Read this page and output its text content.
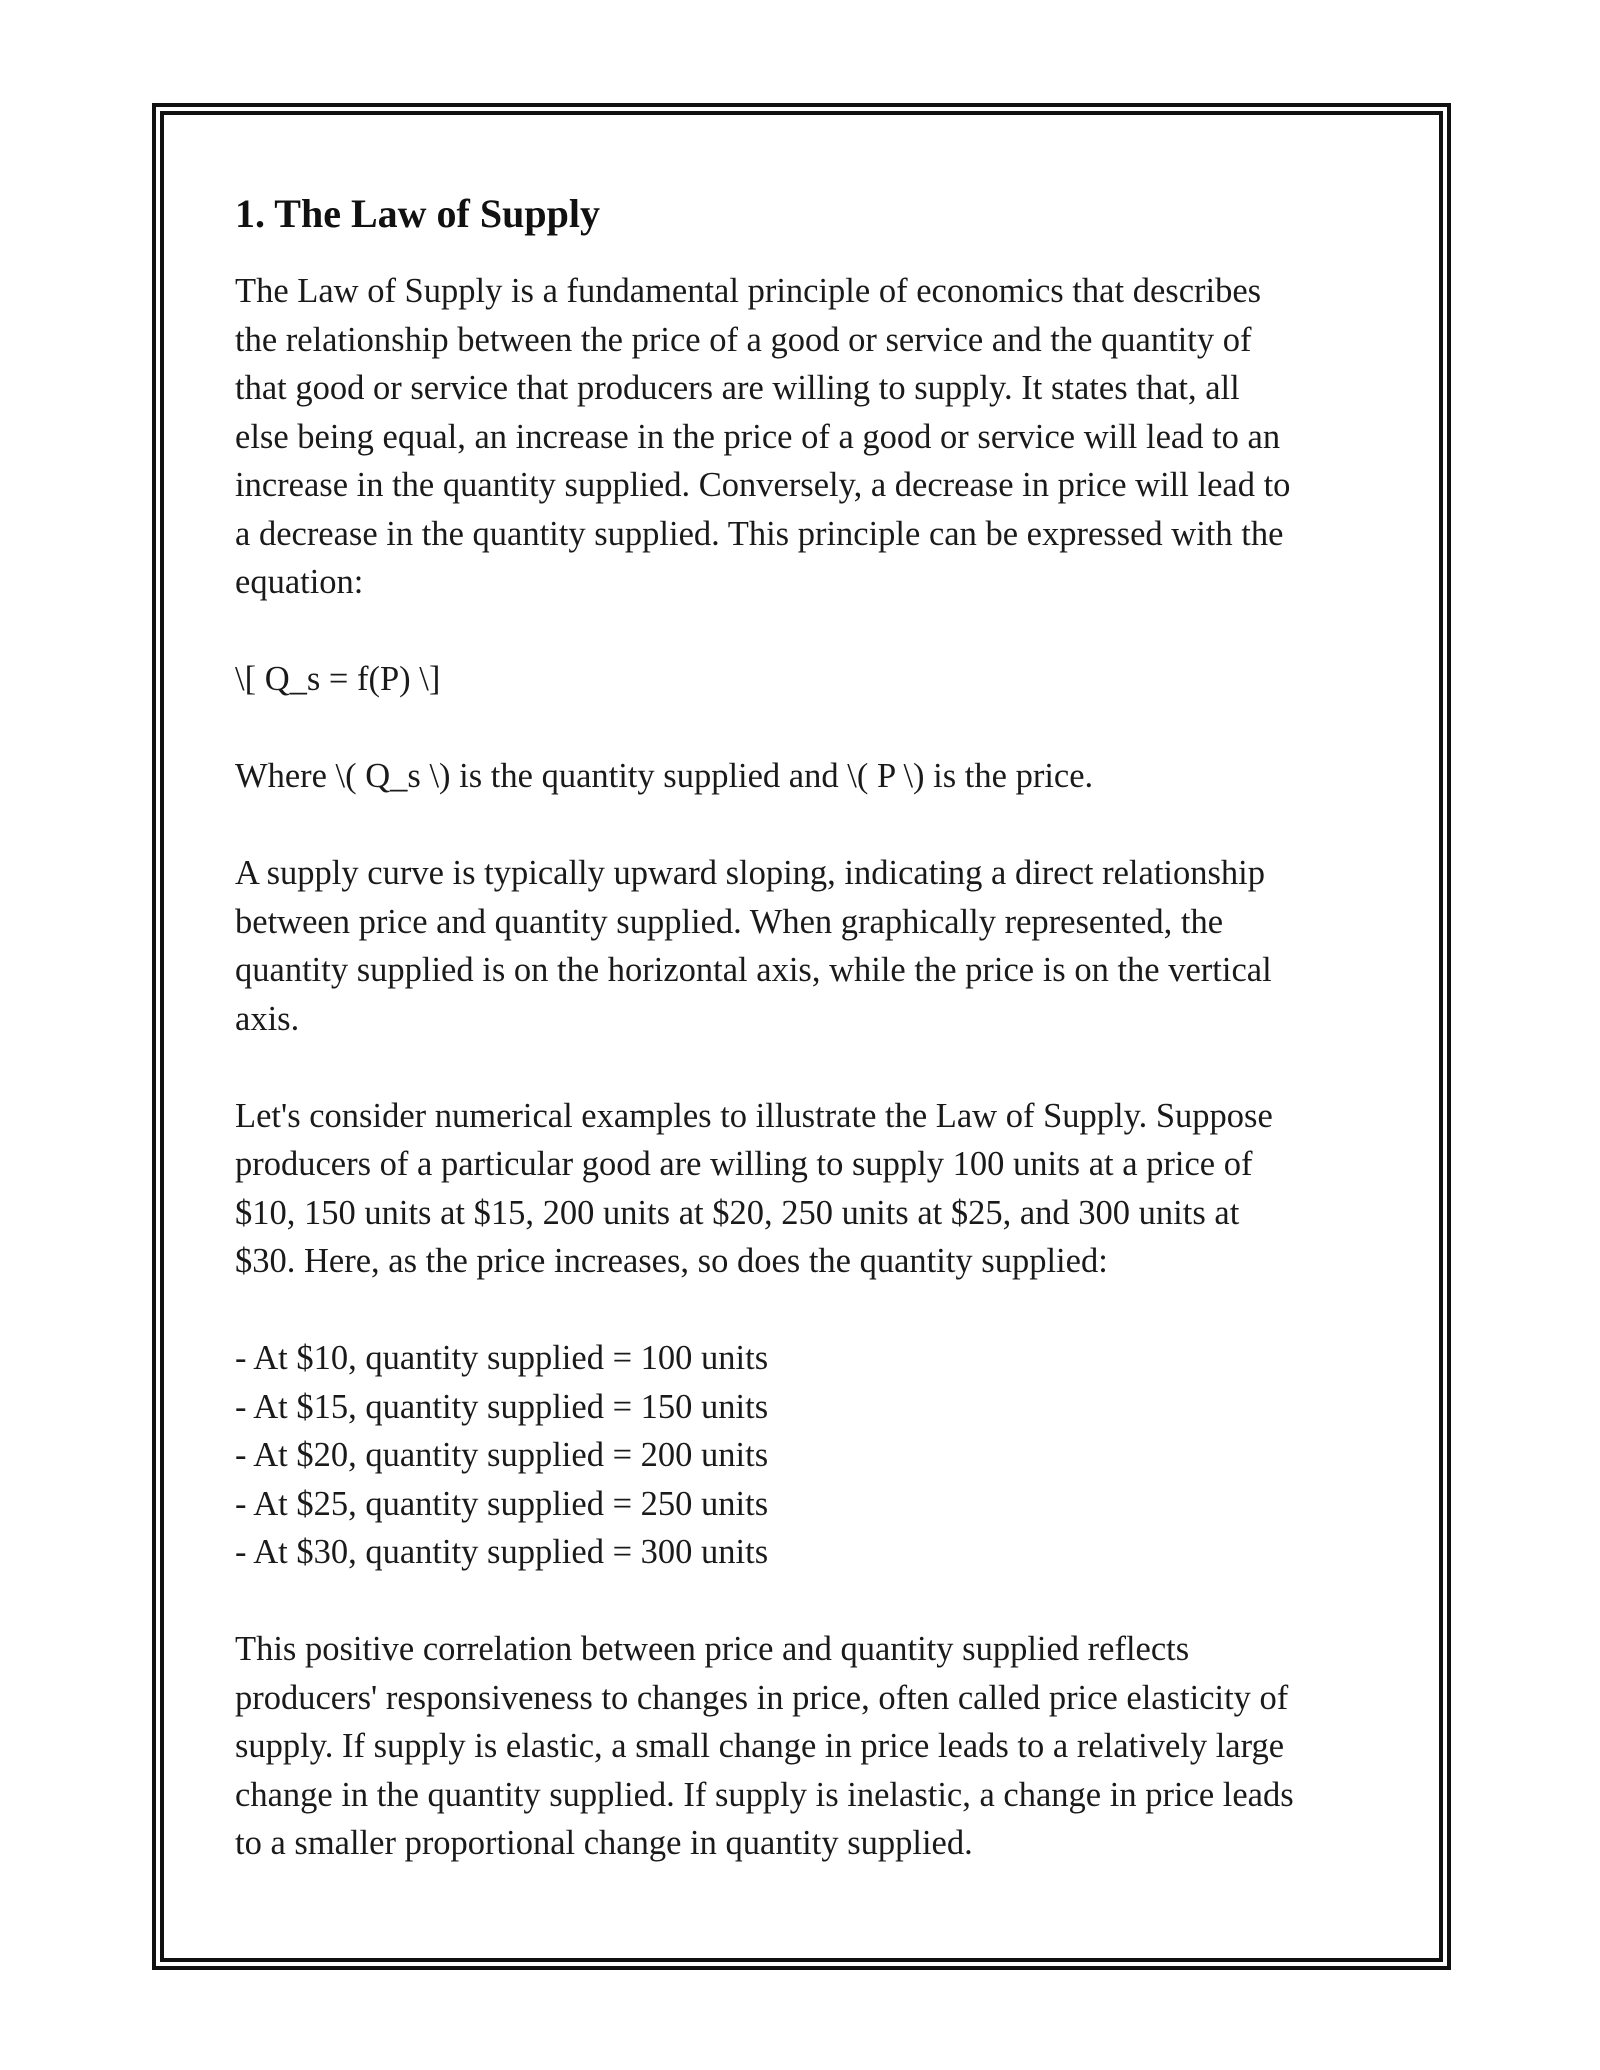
1. The Law of Supply

The Law of Supply is a fundamental principle of economics that describes
the relationship between the price of a good or service and the quantity of
that good or service that producers are willing to supply. It states that, all
else being equal, an increase in the price of a good or service will lead to an
increase in the quantity supplied. Conversely, a decrease in price will lead to
a decrease in the quantity supplied. This principle can be expressed with the
equation:

\[ Q_s = f(P) \]

Where \( Q_s \) is the quantity supplied and \( P \) is the price.

A supply curve is typically upward sloping, indicating a direct relationship
between price and quantity supplied. When graphically represented, the
quantity supplied is on the horizontal axis, while the price is on the vertical
axis.

Let's consider numerical examples to illustrate the Law of Supply. Suppose
producers of a particular good are willing to supply 100 units at a price of
$10, 150 units at $15, 200 units at $20, 250 units at $25, and 300 units at
$30. Here, as the price increases, so does the quantity supplied:

- At $10, quantity supplied = 100 units
- At $15, quantity supplied = 150 units
- At $20, quantity supplied = 200 units
- At $25, quantity supplied = 250 units
- At $30, quantity supplied = 300 units

This positive correlation between price and quantity supplied reflects
producers' responsiveness to changes in price, often called price elasticity of
supply. If supply is elastic, a small change in price leads to a relatively large
change in the quantity supplied. If supply is inelastic, a change in price leads
to a smaller proportional change in quantity supplied.
